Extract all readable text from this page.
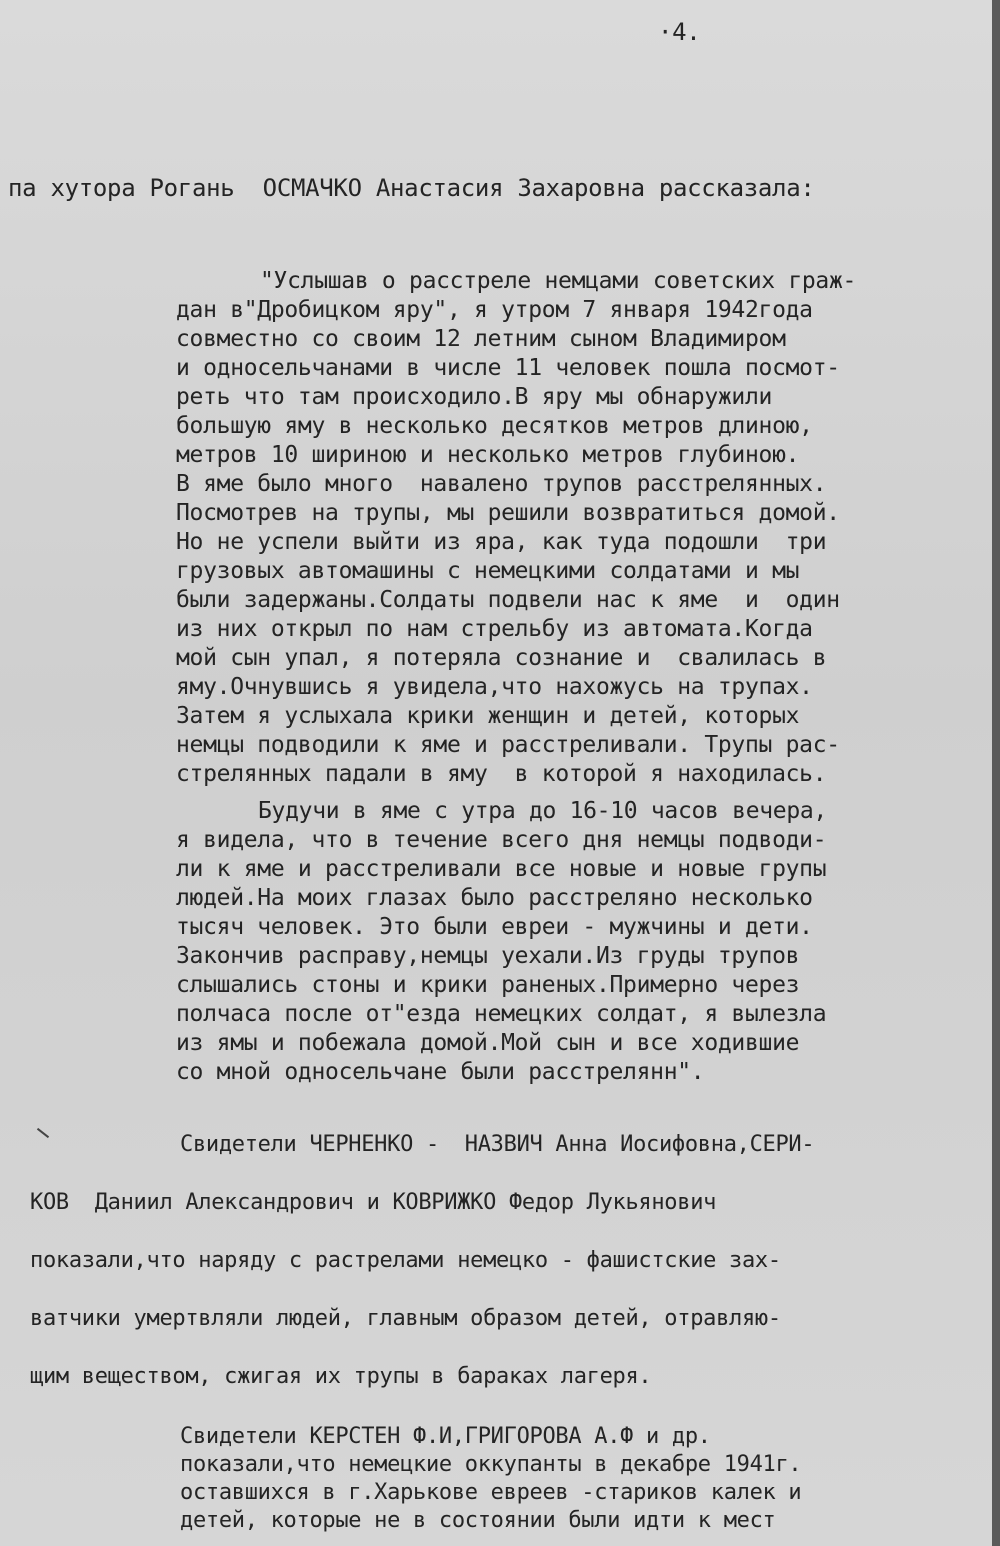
·4.
па хутора Рогань  ОСМАЧКО Анастасия Захаровна рассказала:
"Услышав о расстреле немцами советских граж-
дан в"Дробицком яру", я утром 7 января 1942года
совместно со своим 12 летним сыном Владимиром
и односельчанами в числе 11 человек пошла посмот-
реть что там происходило.В яру мы обнаружили
большую яму в несколько десятков метров длиною,
метров 10 шириною и несколько метров глубиною.
В яме было много  навалено трупов расстрелянных.
Посмотрев на трупы, мы решили возвратиться домой.
Но не успели выйти из яра, как туда подошли  три
грузовых автомашины с немецкими солдатами и мы
были задержаны.Солдаты подвели нас к яме  и  один
из них открыл по нам стрельбу из автомата.Когда
мой сын упал, я потеряла сознание и  свалилась в
яму.Очнувшись я увидела,что нахожусь на трупах.
Затем я услыхала крики женщин и детей, которых
немцы подводили к яме и расстреливали. Трупы рас-
стрелянных падали в яму  в которой я находилась.
Будучи в яме с утра до 16-10 часов вечера,
я видела, что в течение всего дня немцы подводи-
ли к яме и расстреливали все новые и новые групы
людей.На моих глазах было расстреляно несколько
тысяч человек. Это были евреи - мужчины и дети.
Закончив расправу,немцы уехали.Из груды трупов
слышались стоны и крики раненых.Примерно через
полчаса после от"езда немецких солдат, я вылезла
из ямы и побежала домой.Мой сын и все ходившие
со мной односельчане были расстрелянн".
Свидетели ЧЕРНЕНКО -  НАЗВИЧ Анна Иосифовна,СЕРИ-
КОВ  Даниил Александрович и КОВРИЖКО Федор Лукьянович
показали,что наряду с растрелами немецко - фашистские зах-
ватчики умертвляли людей, главным образом детей, отравляю-
щим веществом, сжигая их трупы в бараках лагеря.
Свидетели КЕРСТЕН Ф.И,ГРИГОРОВА А.Ф и др.
показали,что немецкие оккупанты в декабре 1941г.
оставшихся в г.Харькове евреев -стариков калек и
детей, которые не в состоянии были идти к мест
